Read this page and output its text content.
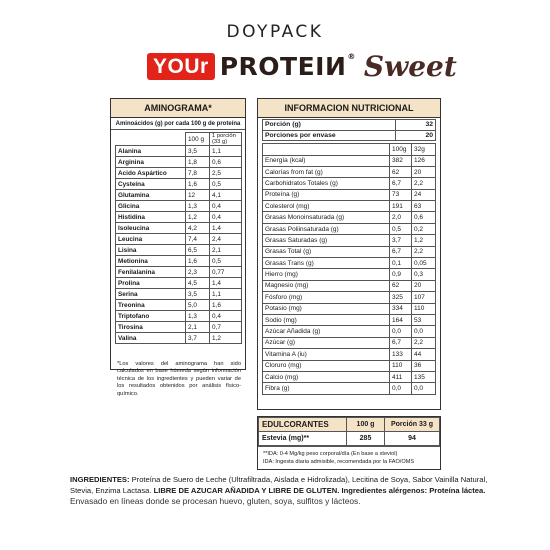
DOYPACK
YOUr PROTEIИ® Sweet
AMINOGRAMA*
Aminoácidos (g) por cada 100 g de proteína
	100 g	1 porción (33 g)
Alanina	3,5	1,1
Arginina	1,8	0,6
Acido Aspártico	7,8	2,5
Cysteína	1,6	0,5
Glutamina	12	4,1
Glicina	1,3	0,4
Histidina	1,2	0,4
Isoleucina	4,2	1,4
Leucina	7,4	2,4
Lisina	6,5	2,1
Metionina	1,6	0,5
Fenilalanina	2,3	0,77
Prolina	4,5	1,4
Serina	3,5	1,1
Treonina	5,0	1,6
Triptofano	1,3	0,4
Tirosina	2,1	0,7
Valina	3,7	1,2
*Los valores del aminograma han sido calculados en base húmeda según información técnica de los ingredientes y pueden variar de los resultados obtenidos por análisis físico-químico.
INFORMACION NUTRICIONAL
Porción (g)	32
Porciones por envase	20
	100g	32g
Energía (kcal)	382	126
Calorías from fat (g)	62	20
Carbohidratos Totales (g)	6,7	2,2
Proteína (g)	73	24
Colesterol (mg)	191	63
Grasas Monoinsaturada (g)	2,0	0,6
Grasas Poliinsaturada (g)	0,5	0,2
Grasas Saturadas (g)	3,7	1,2
Grasas Total (g)	6,7	2,2
Grasas Trans (g)	0,1	0,05
Hierro (mg)	0,9	0,3
Magnesio (mg)	62	20
Fósforo (mg)	325	107
Potasio (mg)	334	110
Sodio (mg)	164	53
Azúcar Añadida (g)	0,0	0,0
Azúcar (g)	6,7	2,2
Vitamina A (iu)	133	44
Cloruro (mg)	110	36
Calcio (mg)	411	135
Fibra (g)	0,0	0,0
EDULCORANTES	100 g	Porción 33 g
Estevia (mg)**	285	94
**IDA: 0-4 Mg/kg peso corporal/día (En base a steviol)
IDA: Ingesta diaria admisible, recomendada por la FAO/OMS
INGREDIENTES: Proteína de Suero de Leche (Ultrafiltrada, Aislada e Hidrolizada), Lecitina de Soya, Sabor Vainilla Natural, Stevia, Enzima Lactasa. LIBRE DE AZUCAR AÑADIDA Y LIBRE DE GLUTEN. Ingredientes alérgenos: Proteína láctea.
Envasado en líneas donde se procesan huevo, gluten, soya, sulfitos y lácteos.
